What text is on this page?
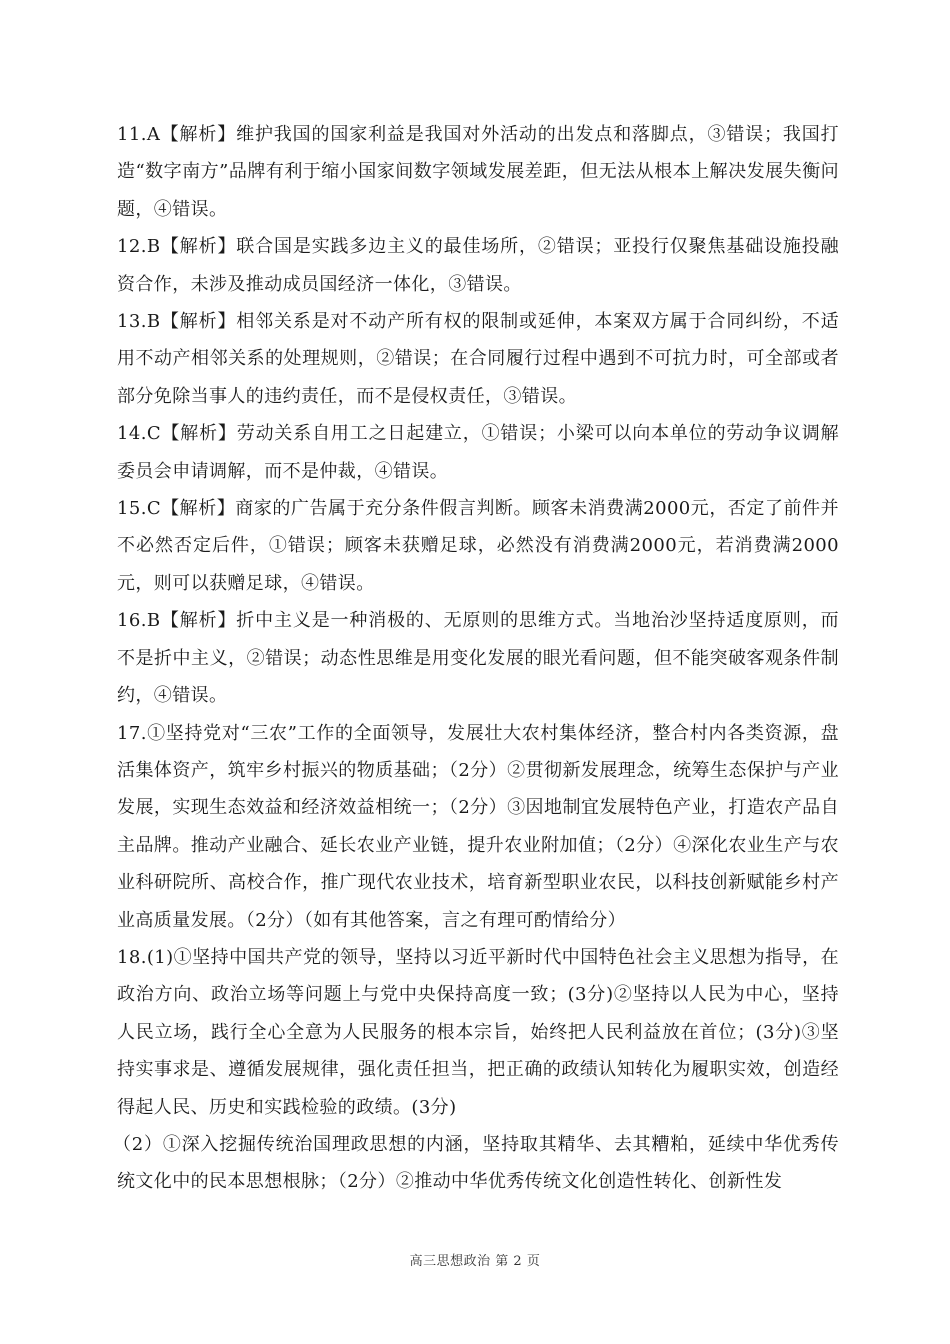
11.A【解析】维护我国的国家利益是我国对外活动的出发点和落脚点，③错误；我国打造“数字南方”品牌有利于缩小国家间数字领域发展差距，但无法从根本上解决发展失衡问题，④错误。

12.B【解析】联合国是实践多边主义的最佳场所，②错误；亚投行仅聚焦基础设施投融资合作，未涉及推动成员国经济一体化，③错误。

13.B【解析】相邻关系是对不动产所有权的限制或延伸，本案双方属于合同纠纷，不适用不动产相邻关系的处理规则，②错误；在合同履行过程中遇到不可抗力时，可全部或者部分免除当事人的违约责任，而不是侵权责任，③错误。

14.C【解析】劳动关系自用工之日起建立，①错误；小梁可以向本单位的劳动争议调解委员会申请调解，而不是仲裁，④错误。

15.C【解析】商家的广告属于充分条件假言判断。顾客未消费满2000元，否定了前件并不必然否定后件，①错误；顾客未获赠足球，必然没有消费满2000元，若消费满2000元，则可以获赠足球，④错误。

16.B【解析】折中主义是一种消极的、无原则的思维方式。当地治沙坚持适度原则，而不是折中主义，②错误；动态性思维是用变化发展的眼光看问题，但不能突破客观条件制约，④错误。

17.①坚持党对“三农”工作的全面领导，发展壮大农村集体经济，整合村内各类资源，盘活集体资产，筑牢乡村振兴的物质基础；（2分）②贯彻新发展理念，统筹生态保护与产业发展，实现生态效益和经济效益相统一；（2分）③因地制宜发展特色产业，打造农产品自主品牌。推动产业融合、延长农业产业链，提升农业附加值；（2分）④深化农业生产与农业科研院所、高校合作，推广现代农业技术，培育新型职业农民，以科技创新赋能乡村产业高质量发展。（2分）（如有其他答案，言之有理可酌情给分）

18.(1)①坚持中国共产党的领导，坚持以习近平新时代中国特色社会主义思想为指导，在政治方向、政治立场等问题上与党中央保持高度一致；(3分)②坚持以人民为中心，坚持人民立场，践行全心全意为人民服务的根本宗旨，始终把人民利益放在首位；(3分)③坚持实事求是、遵循发展规律，强化责任担当，把正确的政绩认知转化为履职实效，创造经得起人民、历史和实践检验的政绩。(3分)

（2）①深入挖掘传统治国理政思想的内涵，坚持取其精华、去其糟粕，延续中华优秀传统文化中的民本思想根脉；（2分）②推动中华优秀传统文化创造性转化、创新性发

高三思想政治 第 2 页
